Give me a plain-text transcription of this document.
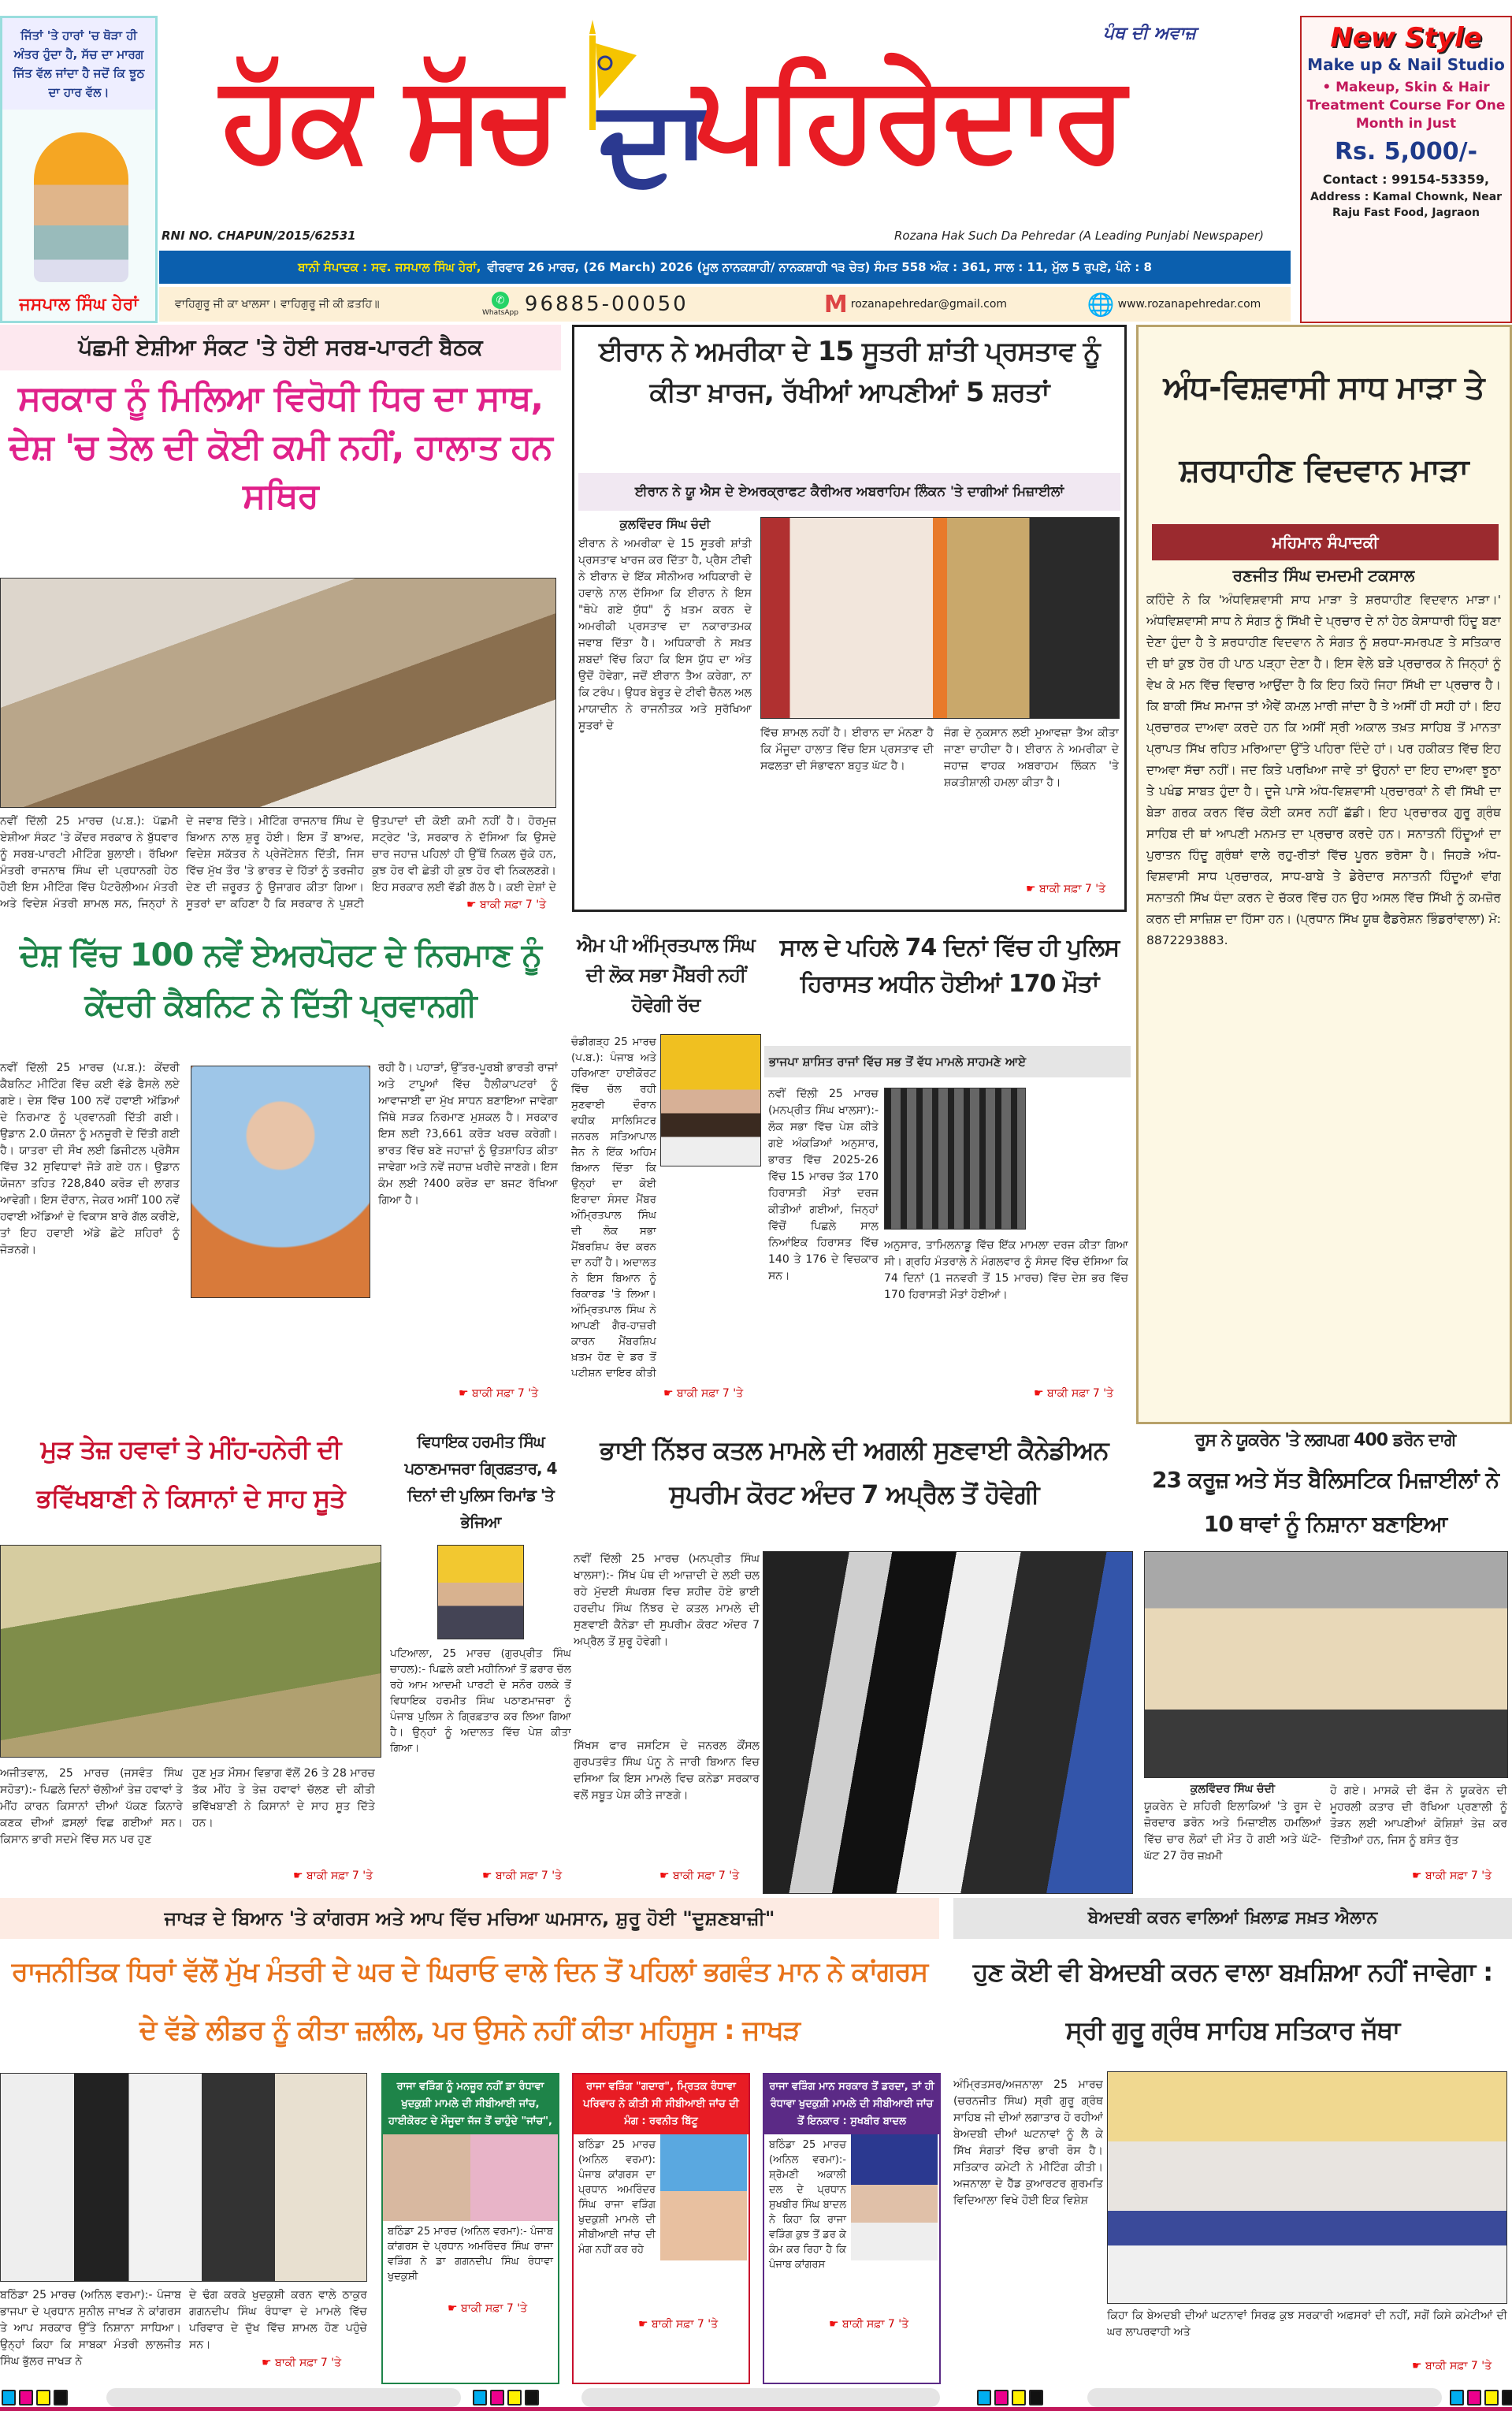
ਜਿੱਤਾਂ 'ਤੇ ਹਾਰਾਂ 'ਚ ਥੋੜਾ ਹੀ ਅੰਤਰ ਹੁੰਦਾ ਹੈ, ਸੱਚ ਦਾ ਮਾਰਗ ਜਿੱਤ ਵੱਲ ਜਾਂਦਾ ਹੈ ਜਦੋਂ ਕਿ ਝੂਠ ਦਾ ਹਾਰ ਵੱਲ।
ਜਸਪਾਲ ਸਿੰਘ ਹੇਰਾਂ
ਹੱਕ ਸੱਚ ਦਾ
ਪਹਿਰੇਦਾਰ
ਪੰਥ ਦੀ ਅਵਾਜ਼
RNI NO. CHAPUN/2015/62531	Rozana Hak Such Da Pehredar (A Leading Punjabi Newspaper)
ਬਾਨੀ ਸੰਪਾਦਕ : ਸਵ. ਜਸਪਾਲ ਸਿੰਘ ਹੇਰਾਂ, ਵੀਰਵਾਰ 26 ਮਾਰਚ, (26 March) 2026 (ਮੂਲ ਨਾਨਕਸ਼ਾਹੀ/ ਨਾਨਕਸ਼ਾਹੀ ੧੩ ਚੇਤ) ਸੰਮਤ 558 ਅੰਕ : 361, ਸਾਲ : 11, ਮੁੱਲ 5 ਰੁਪਏ, ਪੰਨੇ : 8
ਵਾਹਿਗੁਰੂ ਜੀ ਕਾ ਖਾਲਸਾ। ਵਾਹਿਗੁਰੂ ਜੀ ਕੀ ਫ਼ਤਹਿ॥	✆
WhatsApp 96885-00050	M rozanapehredar@gmail.com	🌐 www.rozanapehredar.com
New Style
Make up & Nail Studio
• Makeup, Skin & Hair Treatment Course For One Month in Just
Rs. 5,000/-
Contact : 99154-53359,
Address : Kamal Chownk, Near Raju Fast Food, Jagraon
ਪੱਛਮੀ ਏਸ਼ੀਆ ਸੰਕਟ 'ਤੇ ਹੋਈ ਸਰਬ-ਪਾਰਟੀ ਬੈਠਕ
ਸਰਕਾਰ ਨੂੰ ਮਿਲਿਆ ਵਿਰੋਧੀ ਧਿਰ ਦਾ ਸਾਥ, ਦੇਸ਼ 'ਚ ਤੇਲ ਦੀ ਕੋਈ ਕਮੀ ਨਹੀਂ, ਹਾਲਾਤ ਹਨ ਸਥਿਰ
ਨਵੀਂ ਦਿੱਲੀ 25 ਮਾਰਚ (ਪ.ਬ.): ਪੱਛਮੀ ਏਸ਼ੀਆ ਸੰਕਟ 'ਤੇ ਕੇਂਦਰ ਸਰਕਾਰ ਨੇ ਬੁੱਧਵਾਰ ਨੂੰ ਸਰਬ-ਪਾਰਟੀ ਮੀਟਿੰਗ ਬੁਲਾਈ। ਰੱਖਿਆ ਮੰਤਰੀ ਰਾਜਨਾਥ ਸਿੰਘ ਦੀ ਪ੍ਰਧਾਨਗੀ ਹੇਠ ਹੋਈ ਇਸ ਮੀਟਿੰਗ ਵਿੱਚ ਪੈਟਰੋਲੀਅਮ ਮੰਤਰੀ ਅਤੇ ਵਿਦੇਸ਼ ਮੰਤਰੀ ਸ਼ਾਮਲ ਸਨ, ਜਿਨ੍ਹਾਂ ਨੇ
ਦੇ ਜਵਾਬ ਦਿੱਤੇ। ਮੀਟਿੰਗ ਰਾਜਨਾਥ ਸਿੰਘ ਦੇ ਬਿਆਨ ਨਾਲ ਸ਼ੁਰੂ ਹੋਈ। ਇਸ ਤੋਂ ਬਾਅਦ, ਵਿਦੇਸ਼ ਸਕੱਤਰ ਨੇ ਪ੍ਰੇਜੇਂਟੇਸ਼ਨ ਦਿੱਤੀ, ਜਿਸ ਵਿੱਚ ਮੁੱਖ ਤੌਰ 'ਤੇ ਭਾਰਤ ਦੇ ਹਿੱਤਾਂ ਨੂੰ ਤਰਜੀਹ ਦੇਣ ਦੀ ਜ਼ਰੂਰਤ ਨੂੰ ਉਜਾਗਰ ਕੀਤਾ ਗਿਆ। ਸੂਤਰਾਂ ਦਾ ਕਹਿਣਾ ਹੈ ਕਿ ਸਰਕਾਰ ਨੇ ਪੁਸ਼ਟੀ
ਉਤਪਾਦਾਂ ਦੀ ਕੋਈ ਕਮੀ ਨਹੀਂ ਹੈ। ਹੋਰਮੁਜ਼ ਸਟ੍ਰੇਟ 'ਤੇ, ਸਰਕਾਰ ਨੇ ਦੱਸਿਆ ਕਿ ਉਸਦੇ ਚਾਰ ਜਹਾਜ਼ ਪਹਿਲਾਂ ਹੀ ਉੱਥੋਂ ਨਿਕਲ ਚੁੱਕੇ ਹਨ, ਕੁਝ ਹੋਰ ਵੀ ਛੇਤੀ ਹੀ ਕੁਝ ਹੋਰ ਵੀ ਨਿਕਲਣਗੇ। ਇਹ ਸਰਕਾਰ ਲਈ ਵੱਡੀ ਗੱਲ ਹੈ। ਕਈ ਦੇਸ਼ਾਂ ਦੇ
☛ ਬਾਕੀ ਸਫ਼ਾ 7 'ਤੇ
ਈਰਾਨ ਨੇ ਅਮਰੀਕਾ ਦੇ 15 ਸੂਤਰੀ ਸ਼ਾਂਤੀ ਪ੍ਰਸਤਾਵ ਨੂੰ ਕੀਤਾ ਖ਼ਾਰਜ, ਰੱਖੀਆਂ ਆਪਣੀਆਂ 5 ਸ਼ਰਤਾਂ
ਈਰਾਨ ਨੇ ਯੂ ਐਸ ਦੇ ਏਅਰਕ੍ਰਾਫਟ ਕੈਰੀਅਰ ਅਬਰਾਹਿਮ ਲਿੰਕਨ 'ਤੇ ਦਾਗੀਆਂ ਮਿਜ਼ਾਈਲਾਂ
ਕੁਲਵਿੰਦਰ ਸਿੰਘ ਚੰਦੀ
ਈਰਾਨ ਨੇ ਅਮਰੀਕਾ ਦੇ 15 ਸੂਤਰੀ ਸ਼ਾਂਤੀ ਪ੍ਰਸਤਾਵ ਖਾਰਜ ਕਰ ਦਿੱਤਾ ਹੈ, ਪ੍ਰੈਸ ਟੀਵੀ ਨੇ ਈਰਾਨ ਦੇ ਇੱਕ ਸੀਨੀਅਰ ਅਧਿਕਾਰੀ ਦੇ ਹਵਾਲੇ ਨਾਲ ਦੱਸਿਆ ਕਿ ਈਰਾਨ ਨੇ ਇਸ "ਥੋਪੇ ਗਏ ਯੁੱਧ" ਨੂੰ ਖ਼ਤਮ ਕਰਨ ਦੇ ਅਮਰੀਕੀ ਪ੍ਰਸਤਾਵ ਦਾ ਨਕਾਰਾਤਮਕ ਜਵਾਬ ਦਿੱਤਾ ਹੈ। ਅਧਿਕਾਰੀ ਨੇ ਸਖ਼ਤ ਸ਼ਬਦਾਂ ਵਿੱਚ ਕਿਹਾ ਕਿ ਇਸ ਯੁੱਧ ਦਾ ਅੰਤ ਉਦੋਂ ਹੋਵੇਗਾ, ਜਦੋਂ ਈਰਾਨ ਤੈਅ ਕਰੇਗਾ, ਨਾ ਕਿ ਟਰੰਪ। ਉਧਰ ਬੇਰੂਤ ਦੇ ਟੀਵੀ ਚੈਨਲ ਅਲ ਮਾਯਾਦੀਨ ਨੇ ਰਾਜਨੀਤਕ ਅਤੇ ਸੁਰੱਖਿਆ ਸੂਤਰਾਂ ਦੇ
ਵਿੱਚ ਸ਼ਾਮਲ ਨਹੀਂ ਹੈ। ਈਰਾਨ ਦਾ ਮੰਨਣਾ ਹੈ ਕਿ ਮੌਜੂਦਾ ਹਾਲਾਤ ਵਿੱਚ ਇਸ ਪ੍ਰਸਤਾਵ ਦੀ ਸਫਲਤਾ ਦੀ ਸੰਭਾਵਨਾ ਬਹੁਤ ਘੱਟ ਹੈ।
ਜੰਗ ਦੇ ਨੁਕਸਾਨ ਲਈ ਮੁਆਵਜ਼ਾ ਤੈਅ ਕੀਤਾ ਜਾਣਾ ਚਾਹੀਦਾ ਹੈ। ਈਰਾਨ ਨੇ ਅਮਰੀਕਾ ਦੇ ਜਹਾਜ਼ ਵਾਹਕ ਅਬਰਾਹਮ ਲਿੰਕਨ 'ਤੇ ਸ਼ਕਤੀਸ਼ਾਲੀ ਹਮਲਾ ਕੀਤਾ ਹੈ।
☛ ਬਾਕੀ ਸਫ਼ਾ 7 'ਤੇ
ਅੰਧ-ਵਿਸ਼ਵਾਸੀ ਸਾਧ ਮਾੜਾ ਤੇ ਸ਼ਰਧਾਹੀਣ ਵਿਦਵਾਨ ਮਾੜਾ
ਮਹਿਮਾਨ ਸੰਪਾਦਕੀ
ਰਣਜੀਤ ਸਿੰਘ ਦਮਦਮੀ ਟਕਸਾਲ
ਕਹਿੰਦੇ ਨੇ ਕਿ 'ਅੰਧਵਿਸ਼ਵਾਸੀ ਸਾਧ ਮਾੜਾ ਤੇ ਸ਼ਰਧਾਹੀਣ ਵਿਦਵਾਨ ਮਾੜਾ।' ਅੰਧਵਿਸ਼ਵਾਸੀ ਸਾਧ ਨੇ ਸੰਗਤ ਨੂੰ ਸਿੱਖੀ ਦੇ ਪ੍ਰਚਾਰ ਦੇ ਨਾਂ ਹੇਠ ਕੇਸਾਧਾਰੀ ਹਿੰਦੂ ਬਣਾ ਦੇਣਾ ਹੁੰਦਾ ਹੈ ਤੇ ਸ਼ਰਧਾਹੀਣ ਵਿਦਵਾਨ ਨੇ ਸੰਗਤ ਨੂੰ ਸ਼ਰਧਾ-ਸਮਰਪਣ ਤੇ ਸਤਿਕਾਰ ਦੀ ਥਾਂ ਕੁਝ ਹੋਰ ਹੀ ਪਾਠ ਪੜ੍ਹਾ ਦੇਣਾ ਹੈ। ਇਸ ਵੇਲੇ ਬੜੇ ਪ੍ਰਚਾਰਕ ਨੇ ਜਿਨ੍ਹਾਂ ਨੂੰ ਵੇਖ ਕੇ ਮਨ ਵਿੱਚ ਵਿਚਾਰ ਆਉਂਦਾ ਹੈ ਕਿ ਇਹ ਕਿਹੋ ਜਿਹਾ ਸਿੱਖੀ ਦਾ ਪ੍ਰਚਾਰ ਹੈ। ਕਿ ਬਾਕੀ ਸਿੱਖ ਸਮਾਜ ਤਾਂ ਐਵੇਂ ਕਮਲ਼ ਮਾਰੀ ਜਾਂਦਾ ਹੈ ਤੇ ਅਸੀਂ ਹੀ ਸਹੀ ਹਾਂ। ਇਹ ਪ੍ਰਚਾਰਕ ਦਾਅਵਾ ਕਰਦੇ ਹਨ ਕਿ ਅਸੀਂ ਸ੍ਰੀ ਅਕਾਲ ਤਖ਼ਤ ਸਾਹਿਬ ਤੋਂ ਮਾਨਤਾ ਪ੍ਰਾਪਤ ਸਿੱਖ ਰਹਿਤ ਮਰਿਆਦਾ ਉੱਤੇ ਪਹਿਰਾ ਦਿੰਦੇ ਹਾਂ। ਪਰ ਹਕੀਕਤ ਵਿੱਚ ਇਹ ਦਾਅਵਾ ਸੱਚਾ ਨਹੀਂ। ਜਦ ਕਿਤੇ ਪਰਖਿਆ ਜਾਵੇ ਤਾਂ ਉਹਨਾਂ ਦਾ ਇਹ ਦਾਅਵਾ ਝੂਠਾ ਤੇ ਪਖੰਡ ਸਾਬਤ ਹੁੰਦਾ ਹੈ। ਦੂਜੇ ਪਾਸੇ ਅੰਧ-ਵਿਸ਼ਵਾਸੀ ਪ੍ਰਚਾਰਕਾਂ ਨੇ ਵੀ ਸਿੱਖੀ ਦਾ ਬੇੜਾ ਗਰਕ ਕਰਨ ਵਿੱਚ ਕੋਈ ਕਸਰ ਨਹੀਂ ਛੱਡੀ। ਇਹ ਪ੍ਰਚਾਰਕ ਗੁਰੂ ਗ੍ਰੰਥ ਸਾਹਿਬ ਦੀ ਥਾਂ ਆਪਣੀ ਮਨਮਤ ਦਾ ਪ੍ਰਚਾਰ ਕਰਦੇ ਹਨ। ਸਨਾਤਨੀ ਹਿੰਦੂਆਂ ਦਾ ਪੁਰਾਤਨ ਹਿੰਦੂ ਗ੍ਰੰਥਾਂ ਵਾਲੇ ਰਹੁ-ਰੀਤਾਂ ਵਿੱਚ ਪੂਰਨ ਭਰੋਸਾ ਹੈ। ਜਿਹੜੇ ਅੰਧ-ਵਿਸ਼ਵਾਸੀ ਸਾਧ ਪ੍ਰਚਾਰਕ, ਸਾਧ-ਬਾਬੇ ਤੇ ਡੇਰੇਦਾਰ ਸਨਾਤਨੀ ਹਿੰਦੂਆਂ ਵਾਂਗ ਸਨਾਤਨੀ ਸਿੱਖ ਧੰਦਾ ਕਰਨ ਦੇ ਚੱਕਰ ਵਿੱਚ ਹਨ ਉਹ ਅਸਲ ਵਿੱਚ ਸਿੱਖੀ ਨੂੰ ਕਮਜ਼ੋਰ ਕਰਨ ਦੀ ਸਾਜ਼ਿਸ਼ ਦਾ ਹਿੱਸਾ ਹਨ। (ਪ੍ਰਧਾਨ ਸਿੱਖ ਯੂਥ ਫੈਡਰੇਸ਼ਨ ਭਿੰਡਰਾਂਵਾਲਾ) ਮੋ: 8872293883.
ਦੇਸ਼ ਵਿੱਚ 100 ਨਵੇਂ ਏਅਰਪੋਰਟ ਦੇ ਨਿਰਮਾਣ ਨੂੰ ਕੇਂਦਰੀ ਕੈਬਨਿਟ ਨੇ ਦਿੱਤੀ ਪ੍ਰਵਾਨਗੀ
ਨਵੀਂ ਦਿੱਲੀ 25 ਮਾਰਚ (ਪ.ਬ.): ਕੇਂਦਰੀ ਕੈਬਨਿਟ ਮੀਟਿੰਗ ਵਿੱਚ ਕਈ ਵੱਡੇ ਫੈਸਲੇ ਲਏ ਗਏ। ਦੇਸ਼ ਵਿੱਚ 100 ਨਵੇਂ ਹਵਾਈ ਅੱਡਿਆਂ ਦੇ ਨਿਰਮਾਣ ਨੂੰ ਪ੍ਰਵਾਨਗੀ ਦਿੱਤੀ ਗਈ। ਉਡਾਨ 2.0 ਯੋਜਨਾ ਨੂੰ ਮਨਜ਼ੂਰੀ ਦੇ ਦਿੱਤੀ ਗਈ ਹੈ। ਯਾਤਰਾ ਦੀ ਸੌਖ ਲਈ ਡਿਜੀਟਲ ਪ੍ਰੋਸੈਸ ਵਿੱਚ 32 ਸੁਵਿਧਾਵਾਂ ਜੋੜੇ ਗਏ ਹਨ। ਉਡਾਨ ਯੋਜਨਾ ਤਹਿਤ ?28,840 ਕਰੋੜ ਦੀ ਲਾਗਤ ਆਵੇਗੀ। ਇਸ ਦੌਰਾਨ, ਜੇਕਰ ਅਸੀਂ 100 ਨਵੇਂ ਹਵਾਈ ਅੱਡਿਆਂ ਦੇ ਵਿਕਾਸ ਬਾਰੇ ਗੱਲ ਕਰੀਏ, ਤਾਂ ਇਹ ਹਵਾਈ ਅੱਡੇ ਛੋਟੇ ਸ਼ਹਿਰਾਂ ਨੂੰ ਜੋੜਨਗੇ।
ਰਹੀ ਹੈ। ਪਹਾੜਾਂ, ਉੱਤਰ-ਪੂਰਬੀ ਭਾਰਤੀ ਰਾਜਾਂ ਅਤੇ ਟਾਪੂਆਂ ਵਿੱਚ ਹੈਲੀਕਾਪਟਰਾਂ ਨੂੰ ਆਵਾਜਾਈ ਦਾ ਮੁੱਖ ਸਾਧਨ ਬਣਾਇਆ ਜਾਵੇਗਾ ਜਿੱਥੇ ਸੜਕ ਨਿਰਮਾਣ ਮੁਸ਼ਕਲ ਹੈ। ਸਰਕਾਰ ਇਸ ਲਈ ?3,661 ਕਰੋੜ ਖਰਚ ਕਰੇਗੀ। ਭਾਰਤ ਵਿੱਚ ਬਣੇ ਜਹਾਜ਼ਾਂ ਨੂੰ ਉਤਸ਼ਾਹਿਤ ਕੀਤਾ ਜਾਵੇਗਾ ਅਤੇ ਨਵੇਂ ਜਹਾਜ਼ ਖਰੀਦੇ ਜਾਣਗੇ। ਇਸ ਕੰਮ ਲਈ ?400 ਕਰੋੜ ਦਾ ਬਜਟ ਰੱਖਿਆ ਗਿਆ ਹੈ।
☛ ਬਾਕੀ ਸਫ਼ਾ 7 'ਤੇ
ਐਮ ਪੀ ਅੰਮ੍ਰਿਤਪਾਲ ਸਿੰਘ ਦੀ ਲੋਕ ਸਭਾ ਮੈਂਬਰੀ ਨਹੀਂ ਹੋਵੇਗੀ ਰੱਦ
ਚੰਡੀਗੜ੍ਹ 25 ਮਾਰਚ (ਪ.ਬ.): ਪੰਜਾਬ ਅਤੇ ਹਰਿਆਣਾ ਹਾਈਕੋਰਟ ਵਿੱਚ ਚੱਲ ਰਹੀ ਸੁਣਵਾਈ ਦੌਰਾਨ ਵਧੀਕ ਸਾਲਿਸਿਟਰ ਜਨਰਲ ਸਤਿਆਪਾਲ ਜੈਨ ਨੇ ਇੱਕ ਅਹਿਮ ਬਿਆਨ ਦਿੱਤਾ ਕਿ ਉਨ੍ਹਾਂ ਦਾ ਕੋਈ ਇਰਾਦਾ ਸੰਸਦ ਮੈਂਬਰ ਅੰਮ੍ਰਿਤਪਾਲ ਸਿੰਘ ਦੀ ਲੋਕ ਸਭਾ ਮੈਂਬਰਸ਼ਿਪ ਰੱਦ ਕਰਨ ਦਾ ਨਹੀਂ ਹੈ। ਅਦਾਲਤ ਨੇ ਇਸ ਬਿਆਨ ਨੂੰ ਰਿਕਾਰਡ 'ਤੇ ਲਿਆ। ਅੰਮ੍ਰਿਤਪਾਲ ਸਿੰਘ ਨੇ ਆਪਣੀ ਗੈਰ-ਹਾਜ਼ਰੀ ਕਾਰਨ ਮੈਂਬਰਸ਼ਿਪ ਖ਼ਤਮ ਹੋਣ ਦੇ ਡਰ ਤੋਂ ਪਟੀਸ਼ਨ ਦਾਇਰ ਕੀਤੀ
☛ ਬਾਕੀ ਸਫ਼ਾ 7 'ਤੇ
ਸਾਲ ਦੇ ਪਹਿਲੇ 74 ਦਿਨਾਂ ਵਿੱਚ ਹੀ ਪੁਲਿਸ ਹਿਰਾਸਤ ਅਧੀਨ ਹੋਈਆਂ 170 ਮੌਤਾਂ
ਭਾਜਪਾ ਸ਼ਾਸਿਤ ਰਾਜਾਂ ਵਿੱਚ ਸਭ ਤੋਂ ਵੱਧ ਮਾਮਲੇ ਸਾਹਮਣੇ ਆਏ
ਨਵੀਂ ਦਿੱਲੀ 25 ਮਾਰਚ (ਮਨਪ੍ਰੀਤ ਸਿੰਘ ਖਾਲਸਾ):- ਲੋਕ ਸਭਾ ਵਿੱਚ ਪੇਸ਼ ਕੀਤੇ ਗਏ ਅੰਕੜਿਆਂ ਅਨੁਸਾਰ, ਭਾਰਤ ਵਿੱਚ 2025-26 ਵਿੱਚ 15 ਮਾਰਚ ਤੱਕ 170 ਹਿਰਾਸਤੀ ਮੌਤਾਂ ਦਰਜ ਕੀਤੀਆਂ ਗਈਆਂ, ਜਿਨ੍ਹਾਂ ਵਿੱਚੋਂ ਪਿਛਲੇ ਸਾਲ ਨਿਆਂਇਕ ਹਿਰਾਸਤ ਵਿੱਚ 140 ਤੇ 176 ਦੇ ਵਿਚਕਾਰ ਸਨ।
ਅਨੁਸਾਰ, ਤਾਮਿਲਨਾਡੂ ਵਿੱਚ ਇੱਕ ਮਾਮਲਾ ਦਰਜ ਕੀਤਾ ਗਿਆ ਸੀ। ਗ੍ਰਹਿ ਮੰਤਰਾਲੇ ਨੇ ਮੰਗਲਵਾਰ ਨੂੰ ਸੰਸਦ ਵਿੱਚ ਦੱਸਿਆ ਕਿ 74 ਦਿਨਾਂ (1 ਜਨਵਰੀ ਤੋਂ 15 ਮਾਰਚ) ਵਿੱਚ ਦੇਸ਼ ਭਰ ਵਿੱਚ 170 ਹਿਰਾਸਤੀ ਮੌਤਾਂ ਹੋਈਆਂ।
☛ ਬਾਕੀ ਸਫ਼ਾ 7 'ਤੇ
ਮੁੜ ਤੇਜ਼ ਹਵਾਵਾਂ ਤੇ ਮੀਂਹ-ਹਨੇਰੀ ਦੀ ਭਵਿੱਖਬਾਣੀ ਨੇ ਕਿਸਾਨਾਂ ਦੇ ਸਾਹ ਸੂਤੇ
ਅਜੀਤਵਾਲ, 25 ਮਾਰਚ (ਜਸਵੰਤ ਸਿੰਘ ਸਹੋਤਾ):- ਪਿਛਲੇ ਦਿਨਾਂ ਚੱਲੀਆਂ ਤੇਜ਼ ਹਵਾਵਾਂ ਤੇ ਮੀਂਹ ਕਾਰਨ ਕਿਸਾਨਾਂ ਦੀਆਂ ਪੱਕਣ ਕਿਨਾਰੇ ਕਣਕ ਦੀਆਂ ਫ਼ਸਲਾਂ ਵਿਛ ਗਈਆਂ ਸਨ। ਕਿਸਾਨ ਭਾਰੀ ਸਦਮੇ ਵਿੱਚ ਸਨ ਪਰ ਹੁਣ
ਹੁਣ ਮੁੜ ਮੌਸਮ ਵਿਭਾਗ ਵੱਲੋਂ 26 ਤੇ 28 ਮਾਰਚ ਤੱਕ ਮੀਂਹ ਤੇ ਤੇਜ਼ ਹਵਾਵਾਂ ਚੱਲਣ ਦੀ ਕੀਤੀ ਭਵਿੱਖਬਾਣੀ ਨੇ ਕਿਸਾਨਾਂ ਦੇ ਸਾਹ ਸੂਤ ਦਿੱਤੇ ਹਨ।
☛ ਬਾਕੀ ਸਫ਼ਾ 7 'ਤੇ
ਵਿਧਾਇਕ ਹਰਮੀਤ ਸਿੰਘ ਪਠਾਣਮਾਜਰਾ ਗ੍ਰਿਫ਼ਤਾਰ, 4 ਦਿਨਾਂ ਦੀ ਪੁਲਿਸ ਰਿਮਾਂਡ 'ਤੇ ਭੇਜਿਆ
ਪਟਿਆਲਾ, 25 ਮਾਰਚ (ਗੁਰਪ੍ਰੀਤ ਸਿੰਘ ਚਾਹਲ):- ਪਿਛਲੇ ਕਈ ਮਹੀਨਿਆਂ ਤੋਂ ਫ਼ਰਾਰ ਚੱਲ ਰਹੇ ਆਮ ਆਦਮੀ ਪਾਰਟੀ ਦੇ ਸਨੌਰ ਹਲਕੇ ਤੋਂ ਵਿਧਾਇਕ ਹਰਮੀਤ ਸਿੰਘ ਪਠਾਣਮਾਜਰਾ ਨੂੰ ਪੰਜਾਬ ਪੁਲਿਸ ਨੇ ਗ੍ਰਿਫ਼ਤਾਰ ਕਰ ਲਿਆ ਗਿਆ ਹੈ। ਉਨ੍ਹਾਂ ਨੂੰ ਅਦਾਲਤ ਵਿੱਚ ਪੇਸ਼ ਕੀਤਾ ਗਿਆ।
☛ ਬਾਕੀ ਸਫ਼ਾ 7 'ਤੇ
ਭਾਈ ਨਿੱਝਰ ਕਤਲ ਮਾਮਲੇ ਦੀ ਅਗਲੀ ਸੁਣਵਾਈ ਕੈਨੇਡੀਅਨ ਸੁਪਰੀਮ ਕੋਰਟ ਅੰਦਰ 7 ਅਪ੍ਰੈਲ ਤੋਂ ਹੋਵੇਗੀ
ਨਵੀਂ ਦਿੱਲੀ 25 ਮਾਰਚ (ਮਨਪ੍ਰੀਤ ਸਿੰਘ ਖਾਲਸਾ):- ਸਿੱਖ ਪੰਥ ਦੀ ਆਜ਼ਾਦੀ ਦੇ ਲਈ ਚਲ ਰਹੇ ਮੁੱਦਈ ਸੰਘਰਸ਼ ਵਿਚ ਸ਼ਹੀਦ ਹੋਏ ਭਾਈ ਹਰਦੀਪ ਸਿੰਘ ਨਿੱਝਰ ਦੇ ਕਤਲ ਮਾਮਲੇ ਦੀ ਸੁਣਵਾਈ ਕੈਨੇਡਾ ਦੀ ਸੁਪਰੀਮ ਕੋਰਟ ਅੰਦਰ 7 ਅਪ੍ਰੈਲ ਤੋਂ ਸ਼ੁਰੂ ਹੋਵੇਗੀ।
ਸਿੱਖਸ ਫਾਰ ਜਸਟਿਸ ਦੇ ਜਨਰਲ ਕੌਂਸਲ ਗੁਰਪਤਵੰਤ ਸਿੰਘ ਪੰਨੂ ਨੇ ਜਾਰੀ ਬਿਆਨ ਵਿਚ ਦਸਿਆ ਕਿ ਇਸ ਮਾਮਲੇ ਵਿਚ ਕਨੇਡਾ ਸਰਕਾਰ ਵਲੋਂ ਸਬੂਤ ਪੇਸ਼ ਕੀਤੇ ਜਾਣਗੇ।
☛ ਬਾਕੀ ਸਫ਼ਾ 7 'ਤੇ
ਰੂਸ ਨੇ ਯੂਕਰੇਨ 'ਤੇ ਲਗਪਗ 400 ਡਰੋਨ ਦਾਗੇ
23 ਕਰੂਜ਼ ਅਤੇ ਸੱਤ ਬੈਲਿਸਟਿਕ ਮਿਜ਼ਾਈਲਾਂ ਨੇ 10 ਥਾਵਾਂ ਨੂੰ ਨਿਸ਼ਾਨਾ ਬਣਾਇਆ
ਕੁਲਵਿੰਦਰ ਸਿੰਘ ਚੰਦੀ
ਯੂਕਰੇਨ ਦੇ ਸ਼ਹਿਰੀ ਇਲਾਕਿਆਂ 'ਤੇ ਰੂਸ ਦੇ ਜ਼ੋਰਦਾਰ ਡਰੋਨ ਅਤੇ ਮਿਜ਼ਾਈਲ ਹਮਲਿਆਂ ਵਿੱਚ ਚਾਰ ਲੋਕਾਂ ਦੀ ਮੌਤ ਹੋ ਗਈ ਅਤੇ ਘੱਟੋ-ਘੱਟ 27 ਹੋਰ ਜ਼ਖ਼ਮੀ
ਹੋ ਗਏ। ਮਾਸਕੋ ਦੀ ਫੌਜ ਨੇ ਯੂਕਰੇਨ ਦੀ ਮੂਹਰਲੀ ਕਤਾਰ ਦੀ ਰੱਖਿਆ ਪ੍ਰਣਾਲੀ ਨੂੰ ਤੋੜਨ ਲਈ ਆਪਣੀਆਂ ਕੋਸ਼ਿਸ਼ਾਂ ਤੇਜ਼ ਕਰ ਦਿੱਤੀਆਂ ਹਨ, ਜਿਸ ਨੂੰ ਬਸੰਤ ਰੁੱਤ
☛ ਬਾਕੀ ਸਫ਼ਾ 7 'ਤੇ
ਜਾਖੜ ਦੇ ਬਿਆਨ 'ਤੇ ਕਾਂਗਰਸ ਅਤੇ ਆਪ ਵਿੱਚ ਮਚਿਆ ਘਮਸਾਨ, ਸ਼ੁਰੂ ਹੋਈ "ਦੂਸ਼ਣਬਾਜ਼ੀ"
ਰਾਜਨੀਤਿਕ ਧਿਰਾਂ ਵੱਲੋਂ ਮੁੱਖ ਮੰਤਰੀ ਦੇ ਘਰ ਦੇ ਘਿਰਾਓ ਵਾਲੇ ਦਿਨ ਤੋਂ ਪਹਿਲਾਂ ਭਗਵੰਤ ਮਾਨ ਨੇ ਕਾਂਗਰਸ ਦੇ ਵੱਡੇ ਲੀਡਰ ਨੂੰ ਕੀਤਾ ਜ਼ਲੀਲ, ਪਰ ਉਸਨੇ ਨਹੀਂ ਕੀਤਾ ਮਹਿਸੂਸ : ਜਾਖੜ
ਬਠਿੰਡਾ 25 ਮਾਰਚ (ਅਨਿਲ ਵਰਮਾ):- ਪੰਜਾਬ ਭਾਜਪਾ ਦੇ ਪ੍ਰਧਾਨ ਸੁਨੀਲ ਜਾਖੜ ਨੇ ਕਾਂਗਰਸ ਤੇ ਆਪ ਸਰਕਾਰ ਉੱਤੇ ਨਿਸ਼ਾਨਾ ਸਾਧਿਆ। ਉਨ੍ਹਾਂ ਕਿਹਾ ਕਿ ਸਾਬਕਾ ਮੰਤਰੀ ਲਾਲਜੀਤ ਸਿੰਘ ਭੁੱਲਰ ਜਾਖੜ ਨੇ
ਦੇ ਢੰਗ ਕਰਕੇ ਖੁਦਕੁਸ਼ੀ ਕਰਨ ਵਾਲੇ ਠਾਕੁਰ ਗਗਨਦੀਪ ਸਿੰਘ ਰੰਧਾਵਾ ਦੇ ਮਾਮਲੇ ਵਿੱਚ ਪਰਿਵਾਰ ਦੇ ਦੁੱਖ ਵਿੱਚ ਸ਼ਾਮਲ ਹੋਣ ਪਹੁੰਚੇ ਸਨ।
☛ ਬਾਕੀ ਸਫ਼ਾ 7 'ਤੇ
ਰਾਜਾ ਵੜਿੰਗ ਨੂੰ ਮਨਜ਼ੂਰ ਨਹੀਂ ਡਾ ਰੰਧਾਵਾ ਖੁਦਕੁਸ਼ੀ ਮਾਮਲੇ ਦੀ ਸੀਬੀਆਈ ਜਾਂਚ, ਹਾਈਕੋਰਟ ਦੇ ਮੌਜੂਦਾ ਜੱਜ ਤੋਂ ਚਾਹੁੰਦੇ "ਜਾਂਚ",
ਬਠਿੰਡਾ 25 ਮਾਰਚ (ਅਨਿਲ ਵਰਮਾ):- ਪੰਜਾਬ ਕਾਂਗਰਸ ਦੇ ਪ੍ਰਧਾਨ ਅਮਰਿੰਦਰ ਸਿੰਘ ਰਾਜਾ ਵੜਿੰਗ ਨੇ ਡਾ ਗਗਨਦੀਪ ਸਿੰਘ ਰੰਧਾਵਾ ਖੁਦਕੁਸ਼ੀ
☛ ਬਾਕੀ ਸਫ਼ਾ 7 'ਤੇ
ਰਾਜਾ ਵੜਿੰਗ "ਗਦਾਰ", ਮ੍ਰਿਤਕ ਰੰਧਾਵਾ ਪਰਿਵਾਰ ਨੇ ਕੀਤੀ ਸੀ ਸੀਬੀਆਈ ਜਾਂਚ ਦੀ ਮੰਗ : ਰਵਨੀਤ ਬਿੱਟੂ
ਬਠਿੰਡਾ 25 ਮਾਰਚ (ਅਨਿਲ ਵਰਮਾ): ਪੰਜਾਬ ਕਾਂਗਰਸ ਦਾ ਪ੍ਰਧਾਨ ਅਮਰਿੰਦਰ ਸਿੰਘ ਰਾਜਾ ਵੜਿੰਗ ਖੁਦਕੁਸ਼ੀ ਮਾਮਲੇ ਦੀ ਸੀਬੀਆਈ ਜਾਂਚ ਦੀ ਮੰਗ ਨਹੀਂ ਕਰ ਰਹੇ
☛ ਬਾਕੀ ਸਫ਼ਾ 7 'ਤੇ
ਰਾਜਾ ਵੜਿੰਗ ਮਾਨ ਸਰਕਾਰ ਤੋਂ ਡਰਦਾ, ਤਾਂ ਹੀ ਰੰਧਾਵਾ ਖੁਦਕੁਸ਼ੀ ਮਾਮਲੇ ਦੀ ਸੀਬੀਆਈ ਜਾਂਚ ਤੋਂ ਇਨਕਾਰ : ਸੁਖਬੀਰ ਬਾਦਲ
ਬਠਿੰਡਾ 25 ਮਾਰਚ (ਅਨਿਲ ਵਰਮਾ):- ਸ਼੍ਰੋਮਣੀ ਅਕਾਲੀ ਦਲ ਦੇ ਪ੍ਰਧਾਨ ਸੁਖਬੀਰ ਸਿੰਘ ਬਾਦਲ ਨੇ ਕਿਹਾ ਕਿ ਰਾਜਾ ਵੜਿੰਗ ਕੁਝ ਤੋਂ ਡਰ ਕੇ ਕੰਮ ਕਰ ਰਿਹਾ ਹੈ ਕਿ ਪੰਜਾਬ ਕਾਂਗਰਸ
☛ ਬਾਕੀ ਸਫ਼ਾ 7 'ਤੇ
ਬੇਅਦਬੀ ਕਰਨ ਵਾਲਿਆਂ ਖ਼ਿਲਾਫ਼ ਸਖ਼ਤ ਐਲਾਨ
ਹੁਣ ਕੋਈ ਵੀ ਬੇਅਦਬੀ ਕਰਨ ਵਾਲਾ ਬਖ਼ਸ਼ਿਆ ਨਹੀਂ ਜਾਵੇਗਾ : ਸ੍ਰੀ ਗੁਰੂ ਗ੍ਰੰਥ ਸਾਹਿਬ ਸਤਿਕਾਰ ਜੱਥਾ
ਅੰਮ੍ਰਿਤਸਰ/ਅਜਨਾਲਾ 25 ਮਾਰਚ (ਚਰਨਜੀਤ ਸਿੰਘ) ਸ੍ਰੀ ਗੁਰੂ ਗ੍ਰੰਥ ਸਾਹਿਬ ਜੀ ਦੀਆਂ ਲਗਾਤਾਰ ਹੋ ਰਹੀਆਂ ਬੇਅਦਬੀ ਦੀਆਂ ਘਟਨਾਵਾਂ ਨੂੰ ਲੈ ਕੇ ਸਿੱਖ ਸੰਗਤਾਂ ਵਿੱਚ ਭਾਰੀ ਰੋਸ ਹੈ। ਸਤਿਕਾਰ ਕਮੇਟੀ ਨੇ ਮੀਟਿੰਗ ਕੀਤੀ। ਅਜਨਾਲਾ ਦੇ ਹੈੱਡ ਕੁਆਰਟਰ ਗੁਰਮਤਿ ਵਿਦਿਆਲਾ ਵਿਖੇ ਹੋਈ ਇਕ ਵਿਸ਼ੇਸ਼
ਕਿਹਾ ਕਿ ਬੇਅਦਬੀ ਦੀਆਂ ਘਟਨਾਵਾਂ ਸਿਰਫ਼ ਕੁਝ ਸਰਕਾਰੀ ਅਫ਼ਸਰਾਂ ਦੀ ਨਹੀਂ, ਸਗੋਂ ਕਿਸੇ ਕਮੇਟੀਆਂ ਦੀ ਘਰ ਲਾਪਰਵਾਹੀ ਅਤੇ
☛ ਬਾਕੀ ਸਫ਼ਾ 7 'ਤੇ
